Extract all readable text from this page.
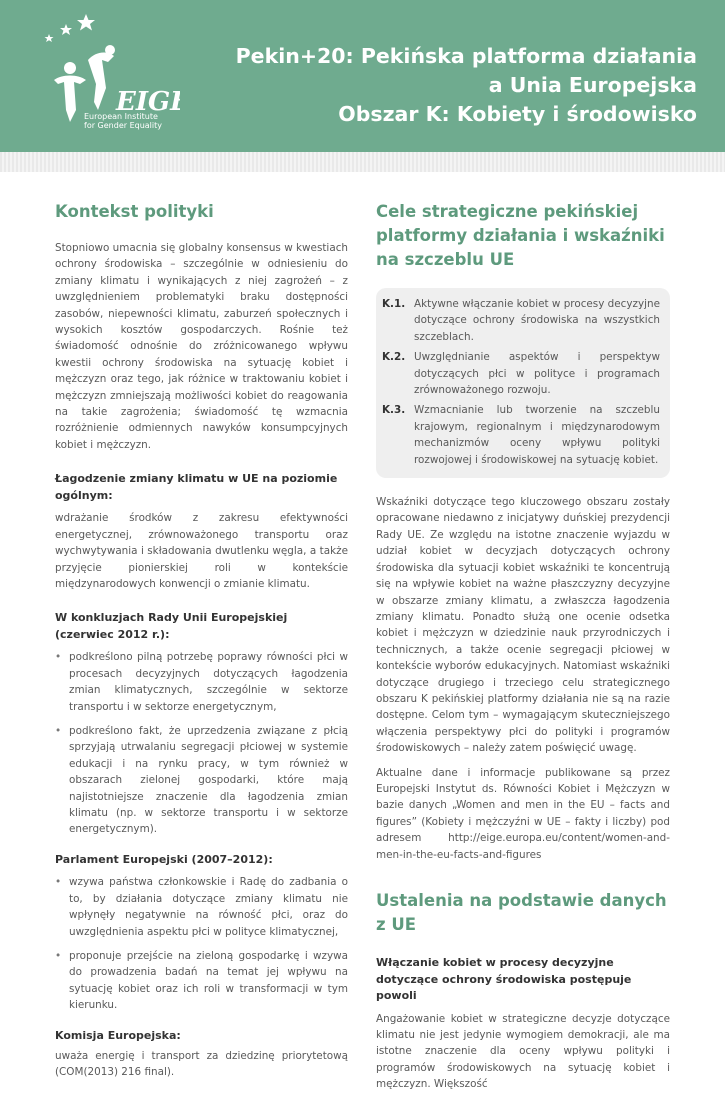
EIG
European Institute
for Gender Equality
Pekin+20: Pekińska platforma działania
a Unia Europejska
Obszar K: Kobiety i środowisko
Kontekst polityki

Stopniowo umacnia się globalny konsensus w kwestiach ochrony środowiska – szczególnie w odniesieniu do zmiany klimatu i wynikających z niej zagrożeń – z uwzględnieniem problematyki braku dostępności zasobów, niepewności klimatu, zaburzeń społecznych i wysokich kosztów gospodarczych. Rośnie też świadomość odnośnie do zróżnicowanego wpływu kwestii ochrony środowiska na sytuację kobiet i mężczyzn oraz tego, jak różnice w traktowaniu kobiet i mężczyzn zmniejszają możliwości kobiet do reagowania na takie zagrożenia; świadomość tę wzmacnia rozróżnienie odmiennych nawyków konsumpcyjnych kobiet i mężczyzn.

Łagodzenie zmiany klimatu w UE na poziomie ogólnym:

wdrażanie środków z zakresu efektywności energetycznej, zrównoważonego transportu oraz wychwytywania i składowania dwutlenku węgla, a także przyjęcie pionierskiej roli w kontekście międzynarodowych konwencji o zmianie klimatu.

W konkluzjach Rady Unii Europejskiej (czerwiec 2012 r.):

• podkreślono pilną potrzebę poprawy równości płci w procesach decyzyjnych dotyczących łagodzenia zmian klimatycznych, szczególnie w sektorze transportu i w sektorze energetycznym,
• podkreślono fakt, że uprzedzenia związane z płcią sprzyjają utrwalaniu segregacji płciowej w systemie edukacji i na rynku pracy, w tym również w obszarach zielonej gospodarki, które mają najistotniejsze znaczenie dla łagodzenia zmian klimatu (np. w sektorze transportu i w sektorze energetycznym).

Parlament Europejski (2007–2012):

• wzywa państwa członkowskie i Radę do zadbania o to, by działania dotyczące zmiany klimatu nie wpłynęły negatywnie na równość płci, oraz do uwzględnienia aspektu płci w polityce klimatycznej,
• proponuje przejście na zieloną gospodarkę i wzywa do prowadzenia badań na temat jej wpływu na sytuację kobiet oraz ich roli w transformacji w tym kierunku.

Komisja Europejska:

uważa energię i transport za dziedzinę priorytetową (COM(2013) 216 final).

Cele strategiczne pekińskiej platformy działania i wskaźniki na szczeblu UE
K.1. Aktywne włączanie kobiet w procesy decyzyjne dotyczące ochrony środowiska na wszystkich szczeblach.
K.2. Uwzględnianie aspektów i perspektyw dotyczących płci w polityce i programach zrównoważonego rozwoju.
K.3. Wzmacnianie lub tworzenie na szczeblu krajowym, regionalnym i międzynarodowym mechanizmów oceny wpływu polityki rozwojowej i środowiskowej na sytuację kobiet.

Wskaźniki dotyczące tego kluczowego obszaru zostały opracowane niedawno z inicjatywy duńskiej prezydencji Rady UE. Ze względu na istotne znaczenie wyjazdu w udział kobiet w decyzjach dotyczących ochrony środowiska dla sytuacji kobiet wskaźniki te koncentrują się na wpływie kobiet na ważne płaszczyzny decyzyjne w obszarze zmiany klimatu, a zwłaszcza łagodzenia zmiany klimatu. Ponadto służą one ocenie odsetka kobiet i mężczyzn w dziedzinie nauk przyrodniczych i technicznych, a także ocenie segregacji płciowej w kontekście wyborów edukacyjnych. Natomiast wskaźniki dotyczące drugiego i trzeciego celu strategicznego obszaru K pekińskiej platformy działania nie są na razie dostępne. Celom tym – wymagającym skuteczniejszego włączenia perspektywy płci do polityki i programów środowiskowych – należy zatem poświęcić uwagę.

Aktualne dane i informacje publikowane są przez Europejski Instytut ds. Równości Kobiet i Mężczyzn w bazie danych „Women and men in the EU – facts and figures” (Kobiety i mężczyźni w UE – fakty i liczby) pod adresem http://eige.europa.eu/content/women-and-men-in-the-eu-facts-and-figures

Ustalenia na podstawie danych z UE

Włączanie kobiet w procesy decyzyjne dotyczące ochrony środowiska postępuje powoli

Angażowanie kobiet w strategiczne decyzje dotyczące klimatu nie jest jedynie wymogiem demokracji, ale ma istotne znaczenie dla oceny wpływu polityki i programów środowiskowych na sytuację kobiet i mężczyzn. Większość
